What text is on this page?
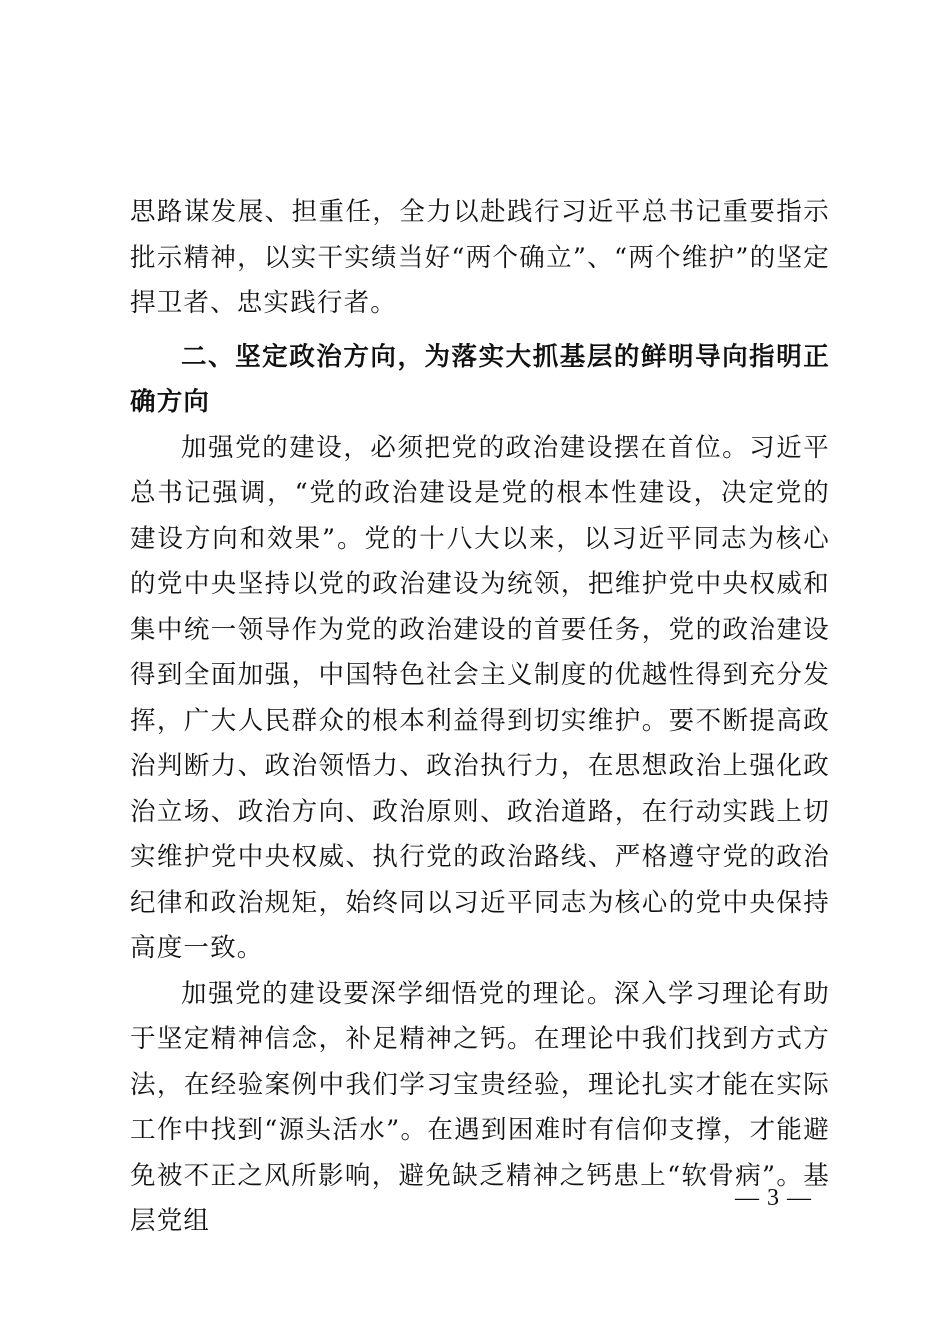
思路谋发展、担重任，全力以赴践行习近平总书记重要指示批示精神，以实干实绩当好“两个确立”、“两个维护”的坚定捍卫者、忠实践行者。

二、坚定政治方向，为落实大抓基层的鲜明导向指明正确方向

加强党的建设，必须把党的政治建设摆在首位。习近平总书记强调，“党的政治建设是党的根本性建设，决定党的建设方向和效果”。党的十八大以来，以习近平同志为核心的党中央坚持以党的政治建设为统领，把维护党中央权威和集中统一领导作为党的政治建设的首要任务，党的政治建设得到全面加强，中国特色社会主义制度的优越性得到充分发挥，广大人民群众的根本利益得到切实维护。要不断提高政治判断力、政治领悟力、政治执行力，在思想政治上强化政治立场、政治方向、政治原则、政治道路，在行动实践上切实维护党中央权威、执行党的政治路线、严格遵守党的政治纪律和政治规矩，始终同以习近平同志为核心的党中央保持高度一致。

加强党的建设要深学细悟党的理论。深入学习理论有助于坚定精神信念，补足精神之钙。在理论中我们找到方式方法，在经验案例中我们学习宝贵经验，理论扎实才能在实际工作中找到“源头活水”。在遇到困难时有信仰支撑，才能避免被不正之风所影响，避免缺乏精神之钙患上“软骨病”。基层党组

— 3 —
